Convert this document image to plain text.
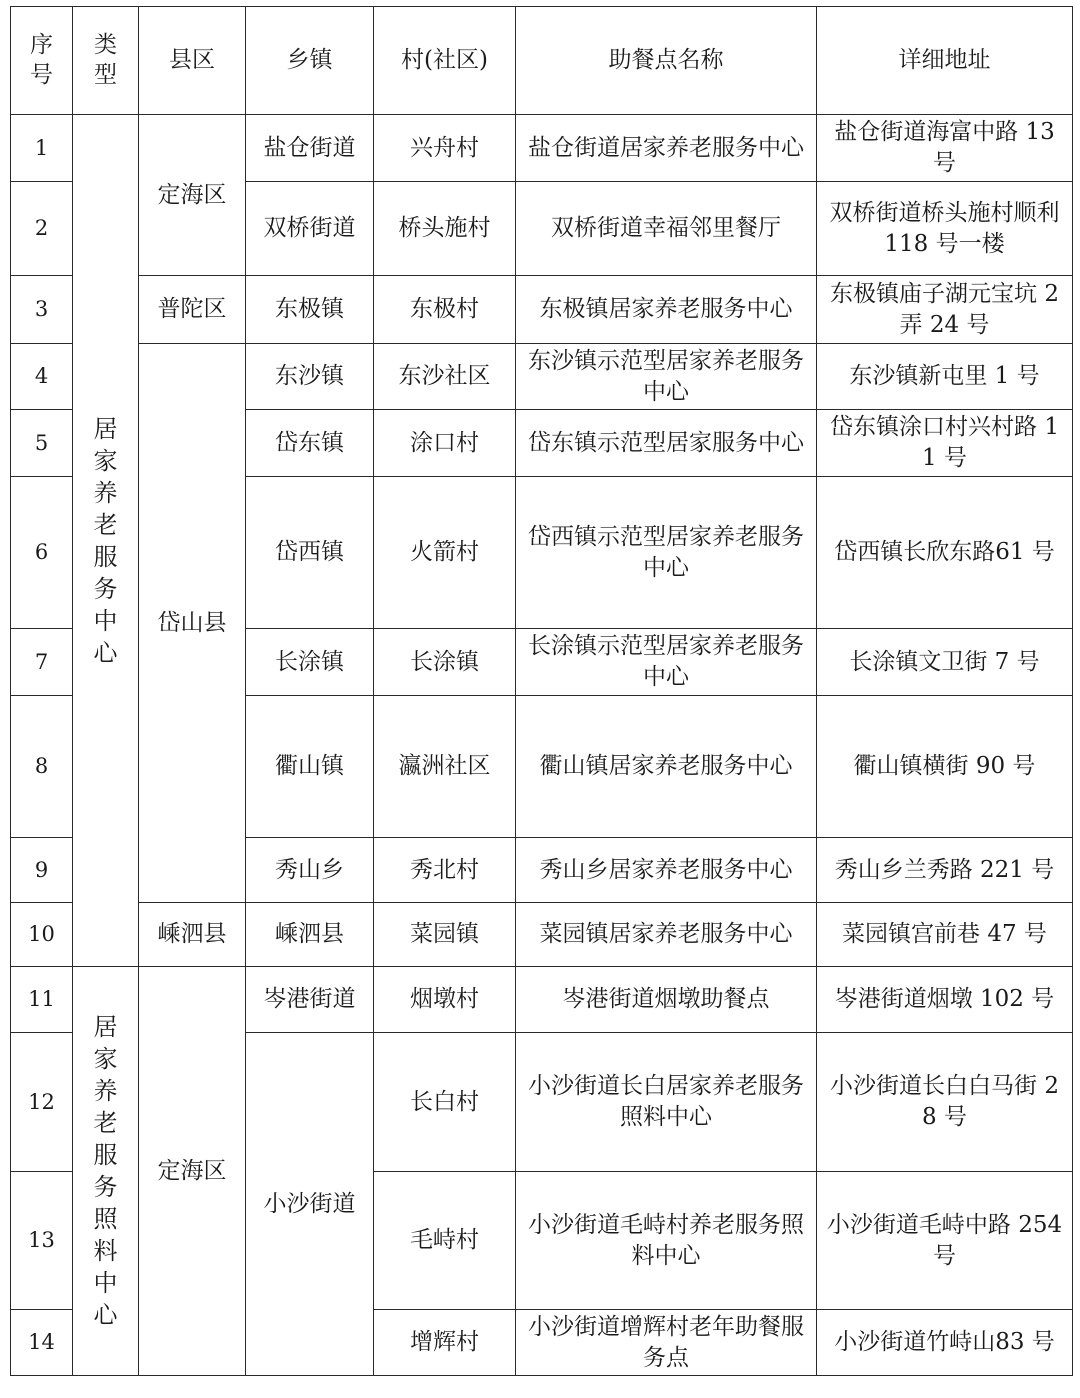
序号	类型	县区	乡镇	村(社区)	助餐点名称	详细地址
1	居家养老服务中心	定海区	盐仓街道	兴舟村	盐仓街道居家养老服务中心	盐仓街道海富中路 13 号
2			双桥街道	桥头施村	双桥街道幸福邻里餐厅	双桥街道桥头施村顺利 118 号一楼
3		普陀区	东极镇	东极村	东极镇居家养老服务中心	东极镇庙子湖元宝坑 2 弄 24 号
4		岱山县	东沙镇	东沙社区	东沙镇示范型居家养老服务中心	东沙镇新屯里 1 号
5			岱东镇	涂口村	岱东镇示范型居家服务中心	岱东镇涂口村兴村路 11 号
6			岱西镇	火箭村	岱西镇示范型居家养老服务中心	岱西镇长欣东路61 号
7			长涂镇	长涂镇	长涂镇示范型居家养老服务中心	长涂镇文卫街 7 号
8			衢山镇	瀛洲社区	衢山镇居家养老服务中心	衢山镇横街 90 号
9			秀山乡	秀北村	秀山乡居家养老服务中心	秀山乡兰秀路 221 号
10		嵊泗县	嵊泗县	菜园镇	菜园镇居家养老服务中心	菜园镇宫前巷 47 号
11	居家养老服务照料中心	定海区	岑港街道	烟墩村	岑港街道烟墩助餐点	岑港街道烟墩 102 号
12			小沙街道	长白村	小沙街道长白居家养老服务照料中心	小沙街道长白白马街 28 号
13				毛峙村	小沙街道毛峙村养老服务照料中心	小沙街道毛峙中路 254 号
14				增辉村	小沙街道增辉村老年助餐服务点	小沙街道竹峙山83 号
